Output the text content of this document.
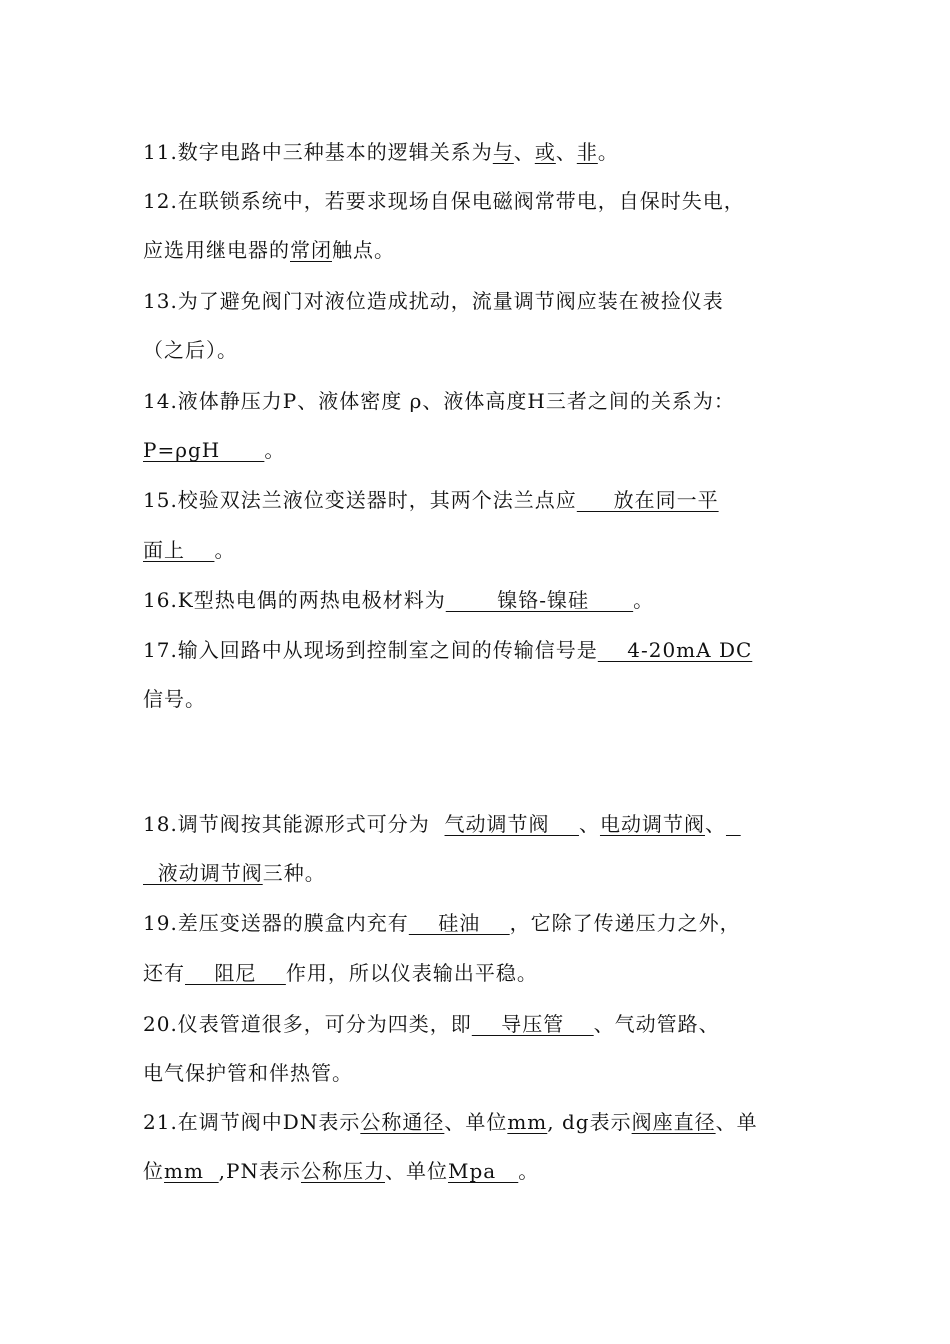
11.数字电路中三种基本的逻辑关系为与、或、非。
12.在联锁系统中，若要求现场自保电磁阀常带电，自保时失电，
应选用继电器的常闭触点。
13.为了避免阀门对液位造成扰动，流量调节阀应装在被捡仪表
（之后）。
14.液体静压力P、液体密度 ρ、液体高度H三者之间的关系为：
P=ρgH      。
15.校验双法兰液位变送器时，其两个法兰点应     放在同一平
面上    。
16.K型热电偶的两热电极材料为       镍铬-镍硅      。
17.输入回路中从现场到控制室之间的传输信号是    4-20mA DC
信号。
18.调节阀按其能源形式可分为  气动调节阀    、电动调节阀、
液动调节阀三种。
19.差压变送器的膜盒内充有    硅油    ，它除了传递压力之外，
还有    阻尼    作用，所以仪表输出平稳。
20.仪表管道很多，可分为四类，即    导压管    、气动管路、
电气保护管和伴热管。
21.在调节阀中DN表示公称通径、单位mm, dg表示阀座直径、单
位mm  ,PN表示公称压力、单位Mpa   。
